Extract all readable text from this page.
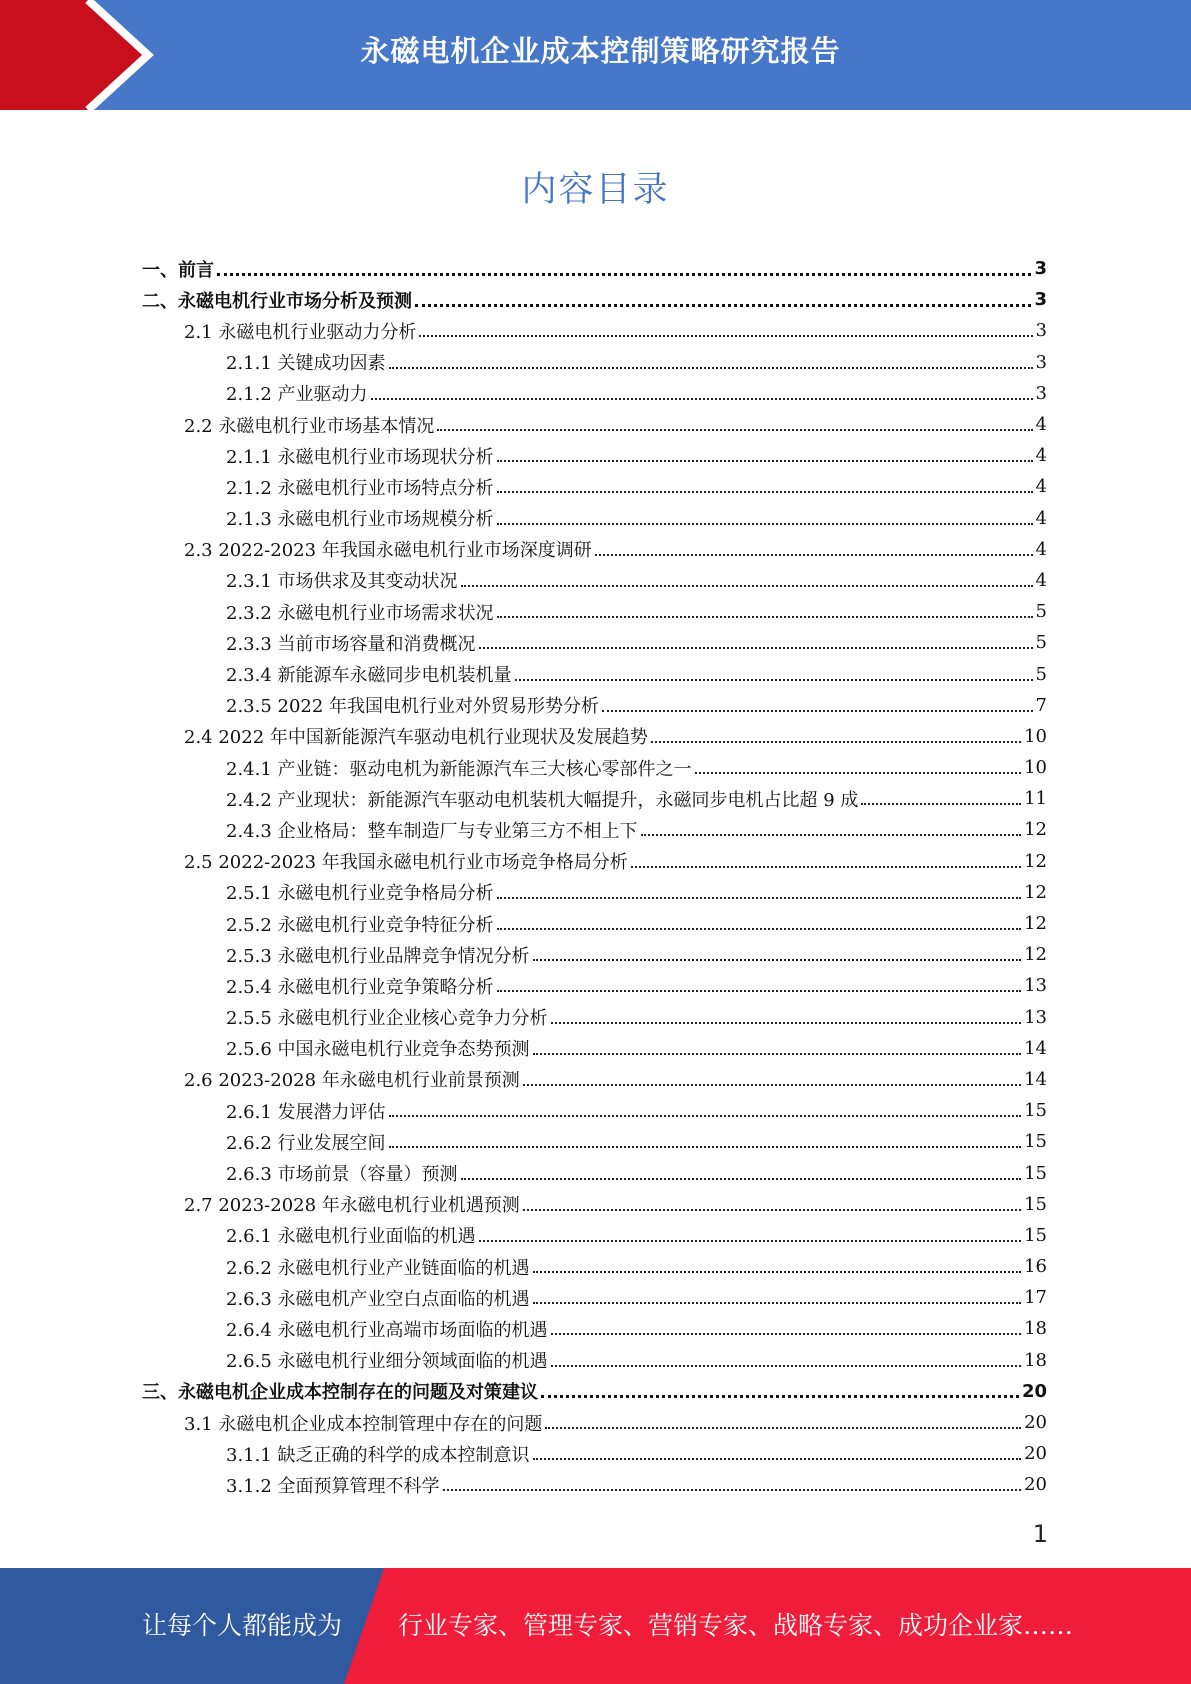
永磁电机企业成本控制策略研究报告
内容目录
一、前言	3
二、永磁电机行业市场分析及预测	3
2.1 永磁电机行业驱动力分析	3
2.1.1 关键成功因素	3
2.1.2 产业驱动力	3
2.2 永磁电机行业市场基本情况	4
2.1.1 永磁电机行业市场现状分析	4
2.1.2 永磁电机行业市场特点分析	4
2.1.3 永磁电机行业市场规模分析	4
2.3 2022-2023 年我国永磁电机行业市场深度调研	4
2.3.1 市场供求及其变动状况	4
2.3.2 永磁电机行业市场需求状况	5
2.3.3 当前市场容量和消费概况	5
2.3.4 新能源车永磁同步电机装机量	5
2.3.5 2022 年我国电机行业对外贸易形势分析	7
2.4 2022 年中国新能源汽车驱动电机行业现状及发展趋势	10
2.4.1 产业链：驱动电机为新能源汽车三大核心零部件之一	10
2.4.2 产业现状：新能源汽车驱动电机装机大幅提升，永磁同步电机占比超 9 成	11
2.4.3 企业格局：整车制造厂与专业第三方不相上下	12
2.5 2022-2023 年我国永磁电机行业市场竞争格局分析	12
2.5.1 永磁电机行业竞争格局分析	12
2.5.2 永磁电机行业竞争特征分析	12
2.5.3 永磁电机行业品牌竞争情况分析	12
2.5.4 永磁电机行业竞争策略分析	13
2.5.5 永磁电机行业企业核心竞争力分析	13
2.5.6 中国永磁电机行业竞争态势预测	14
2.6 2023-2028 年永磁电机行业前景预测	14
2.6.1 发展潜力评估	15
2.6.2 行业发展空间	15
2.6.3 市场前景（容量）预测	15
2.7 2023-2028 年永磁电机行业机遇预测	15
2.6.1 永磁电机行业面临的机遇	15
2.6.2 永磁电机行业产业链面临的机遇	16
2.6.3 永磁电机产业空白点面临的机遇	17
2.6.4 永磁电机行业高端市场面临的机遇	18
2.6.5 永磁电机行业细分领域面临的机遇	18
三、永磁电机企业成本控制存在的问题及对策建议	20
3.1 永磁电机企业成本控制管理中存在的问题	20
3.1.1 缺乏正确的科学的成本控制意识	20
3.1.2 全面预算管理不科学	20
1
让每个人都能成为 行业专家、管理专家、营销专家、战略专家、成功企业家……
